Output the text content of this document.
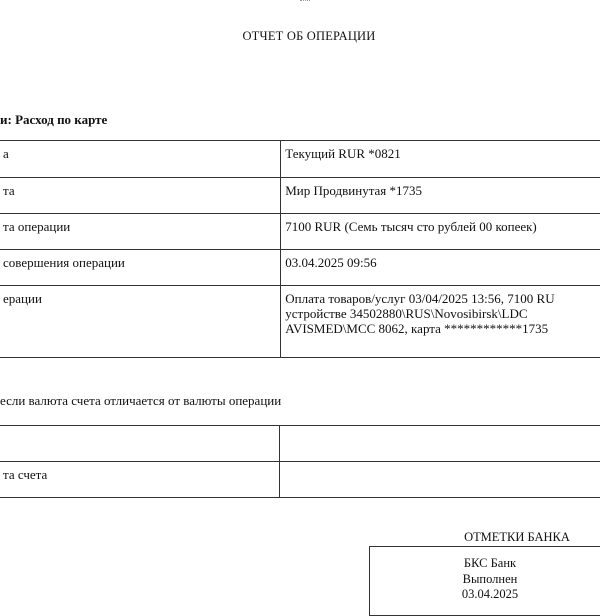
ОТЧЕТ ОБ ОПЕРАЦИИ
и: Расход по карте
а	Текущий RUR *0821
та	Мир Продвинутая *1735
та операции	7100 RUR (Семь тысяч сто рублей 00 копеек)
совершения операции	03.04.2025 09:56
ерации	Оплата товаров/услуг 03/04/2025 13:56, 7100 RU
устройстве 34502880\RUS\Novosibirsk\LDC
AVISMED\MCC 8062, карта ************1735
если валюта счета отличается от валюты операции

та счета	
ОТМЕТКИ БАНКА
БКС Банк
Выполнен
03.04.2025
